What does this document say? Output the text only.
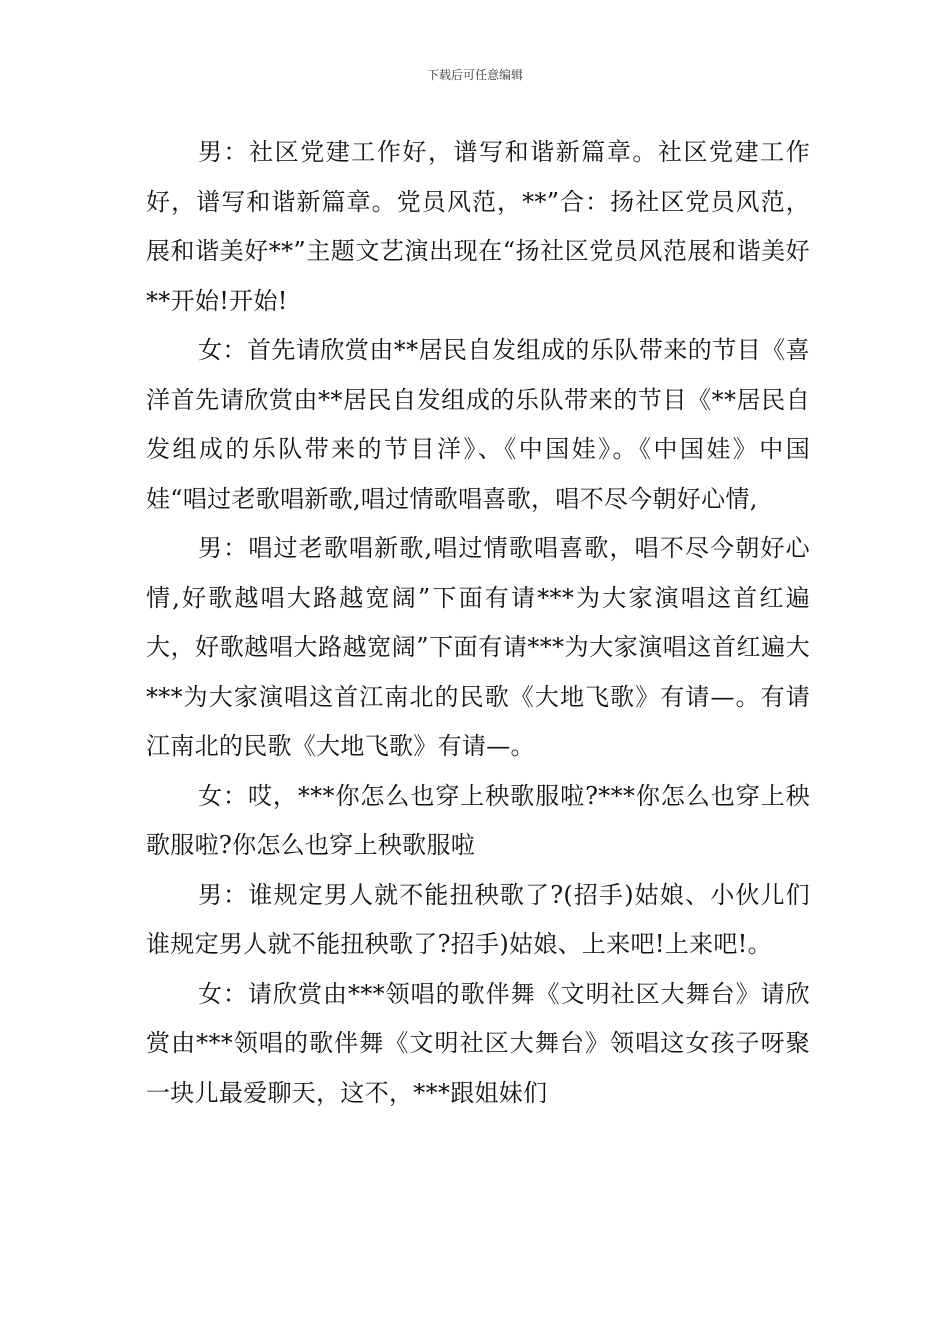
下载后可任意编辑

男：社区党建工作好，谱写和谐新篇章。社区党建工作好，谱写和谐新篇章。党员风范，**”合：扬社区党员风范，展和谐美好**”主题文艺演出现在“扬社区党员风范展和谐美好**开始!开始!

女：首先请欣赏由**居民自发组成的乐队带来的节目《喜洋首先请欣赏由**居民自发组成的乐队带来的节目《**居民自发组成的乐队带来的节目洋》、《中国娃》。《中国娃》中国娃“唱过老歌唱新歌,唱过情歌唱喜歌，唱不尽今朝好心情,

男：唱过老歌唱新歌,唱过情歌唱喜歌，唱不尽今朝好心情,好歌越唱大路越宽阔”下面有请***为大家演唱这首红遍大，好歌越唱大路越宽阔”下面有请***为大家演唱这首红遍大***为大家演唱这首江南北的民歌《大地飞歌》有请—。有请江南北的民歌《大地飞歌》有请—。

女：哎，***你怎么也穿上秧歌服啦?***你怎么也穿上秧歌服啦?你怎么也穿上秧歌服啦

男：谁规定男人就不能扭秧歌了?(招手)姑娘、小伙儿们谁规定男人就不能扭秧歌了?招手)姑娘、上来吧!上来吧!。

女：请欣赏由***领唱的歌伴舞《文明社区大舞台》请欣赏由***领唱的歌伴舞《文明社区大舞台》领唱这女孩子呀聚一块儿最爱聊天，这不，***跟姐妹们
